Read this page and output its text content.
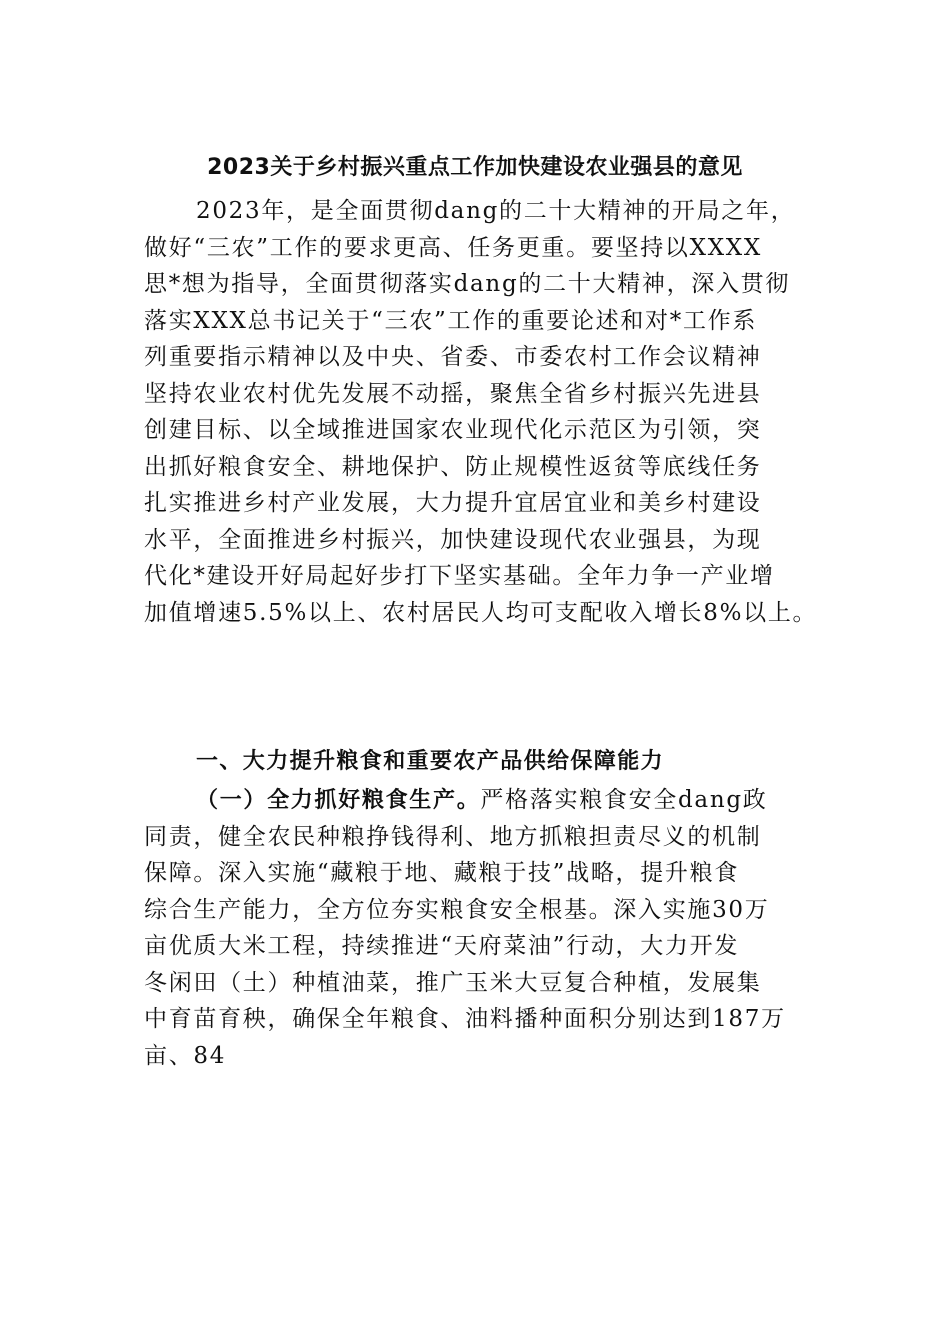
2023关于乡村振兴重点工作加快建设农业强县的意见
2023年，是全面贯彻dang的二十大精神的开局之年，
做好“三农”工作的要求更高、任务更重。要坚持以XXXX
思*想为指导，全面贯彻落实dang的二十大精神，深入贯彻
落实XXX总书记关于“三农”工作的重要论述和对*工作系
列重要指示精神以及中央、省委、市委农村工作会议精神
坚持农业农村优先发展不动摇，聚焦全省乡村振兴先进县
创建目标、以全域推进国家农业现代化示范区为引领，突
出抓好粮食安全、耕地保护、防止规模性返贫等底线任务
扎实推进乡村产业发展，大力提升宜居宜业和美乡村建设
水平，全面推进乡村振兴，加快建设现代农业强县，为现
代化*建设开好局起好步打下坚实基础。全年力争一产业增
加值增速5.5%以上、农村居民人均可支配收入增长8%以上。
一、大力提升粮食和重要农产品供给保障能力
（一）全力抓好粮食生产。严格落实粮食安全dang政
同责，健全农民种粮挣钱得利、地方抓粮担责尽义的机制
保障。深入实施“藏粮于地、藏粮于技”战略，提升粮食
综合生产能力，全方位夯实粮食安全根基。深入实施30万
亩优质大米工程，持续推进“天府菜油”行动，大力开发
冬闲田（土）种植油菜，推广玉米大豆复合种植，发展集
中育苗育秧，确保全年粮食、油料播种面积分别达到187万
亩、84
